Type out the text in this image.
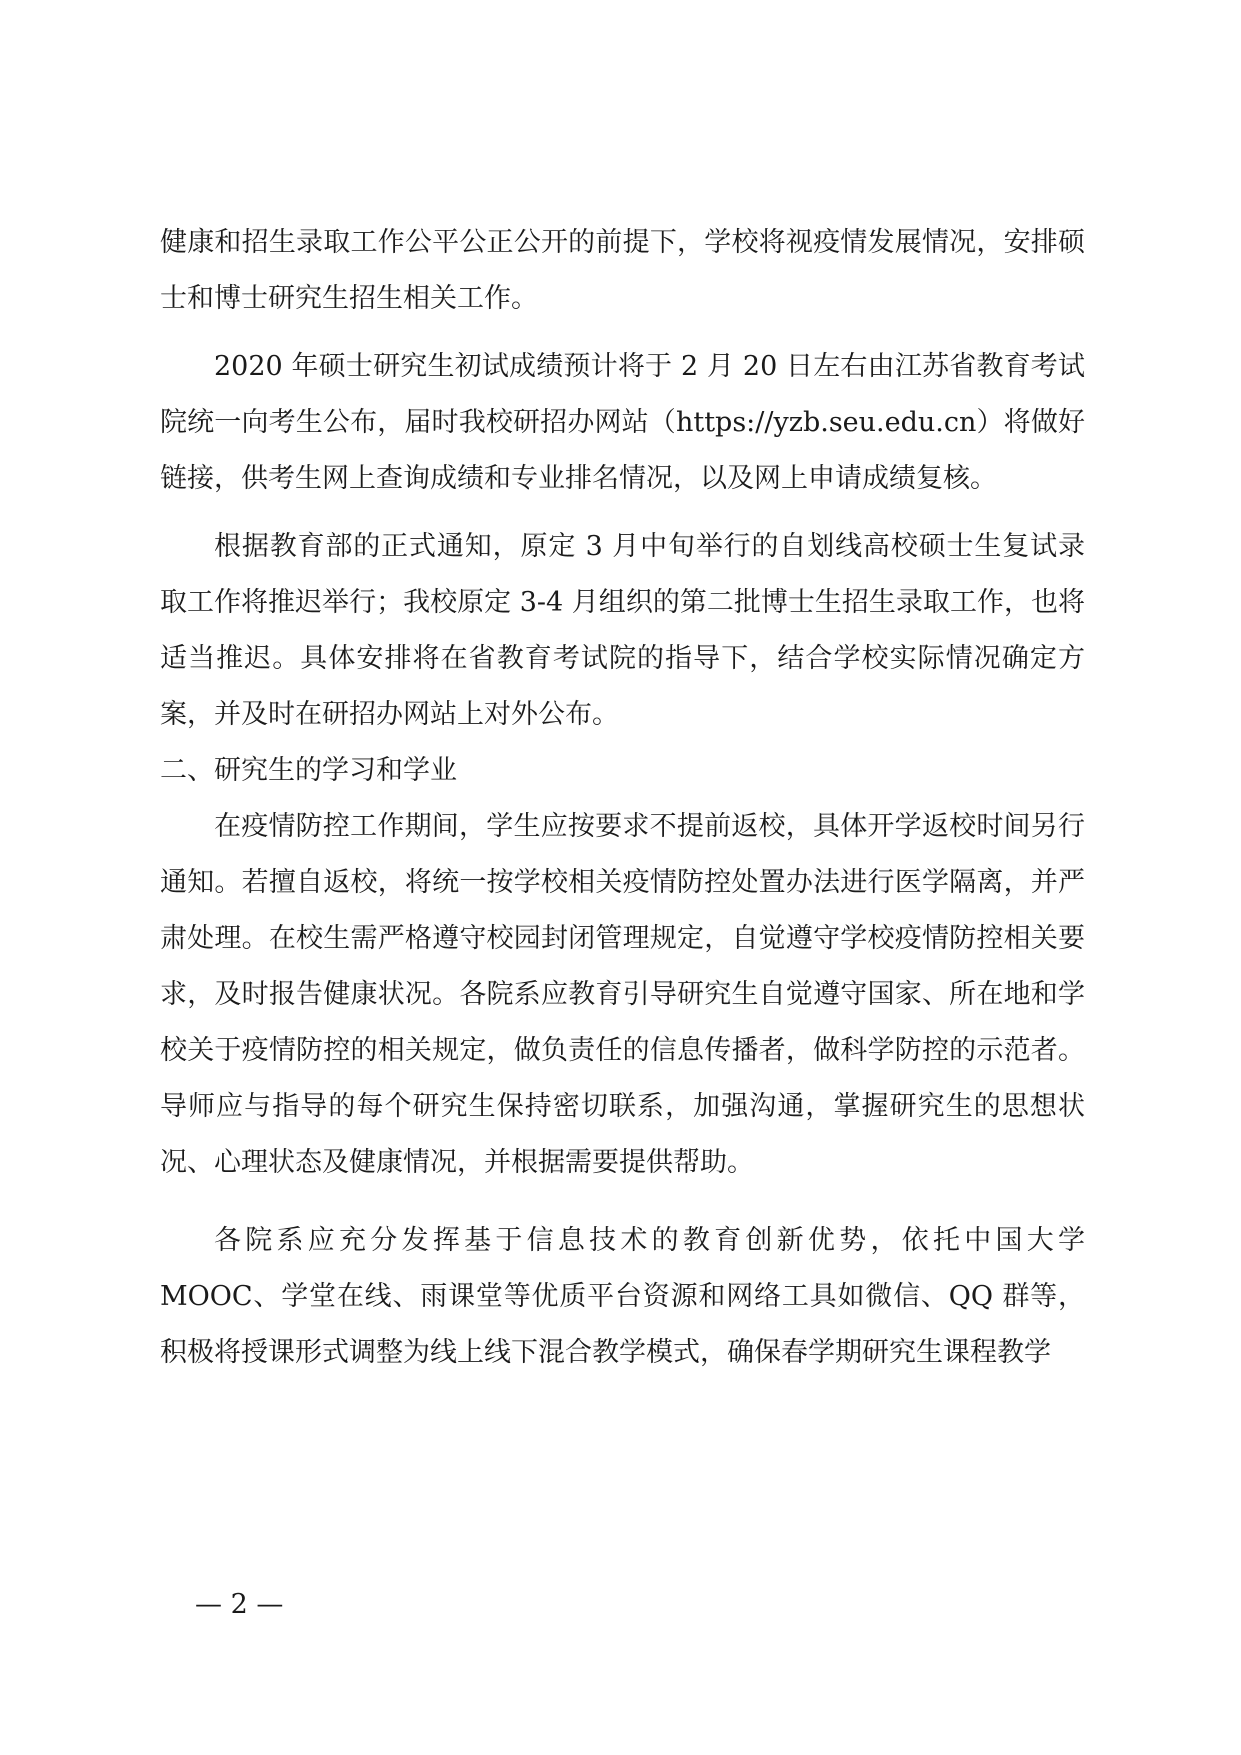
健康和招生录取工作公平公正公开的前提下，学校将视疫情发展情况，安排硕士和博士研究生招生相关工作。

2020 年硕士研究生初试成绩预计将于 2 月 20 日左右由江苏省教育考试院统一向考生公布，届时我校研招办网站（https://yzb.seu.edu.cn）将做好链接，供考生网上查询成绩和专业排名情况，以及网上申请成绩复核。

根据教育部的正式通知，原定 3 月中旬举行的自划线高校硕士生复试录取工作将推迟举行；我校原定 3-4 月组织的第二批博士生招生录取工作，也将适当推迟。具体安排将在省教育考试院的指导下，结合学校实际情况确定方案，并及时在研招办网站上对外公布。

二、研究生的学习和学业

在疫情防控工作期间，学生应按要求不提前返校，具体开学返校时间另行通知。若擅自返校，将统一按学校相关疫情防控处置办法进行医学隔离，并严肃处理。在校生需严格遵守校园封闭管理规定，自觉遵守学校疫情防控相关要求，及时报告健康状况。各院系应教育引导研究生自觉遵守国家、所在地和学校关于疫情防控的相关规定，做负责任的信息传播者，做科学防控的示范者。导师应与指导的每个研究生保持密切联系，加强沟通，掌握研究生的思想状况、心理状态及健康情况，并根据需要提供帮助。

各院系应充分发挥基于信息技术的教育创新优势，依托中国大学 MOOC、学堂在线、雨课堂等优质平台资源和网络工具如微信、QQ 群等，积极将授课形式调整为线上线下混合教学模式，确保春学期研究生课程教学

— 2 —
